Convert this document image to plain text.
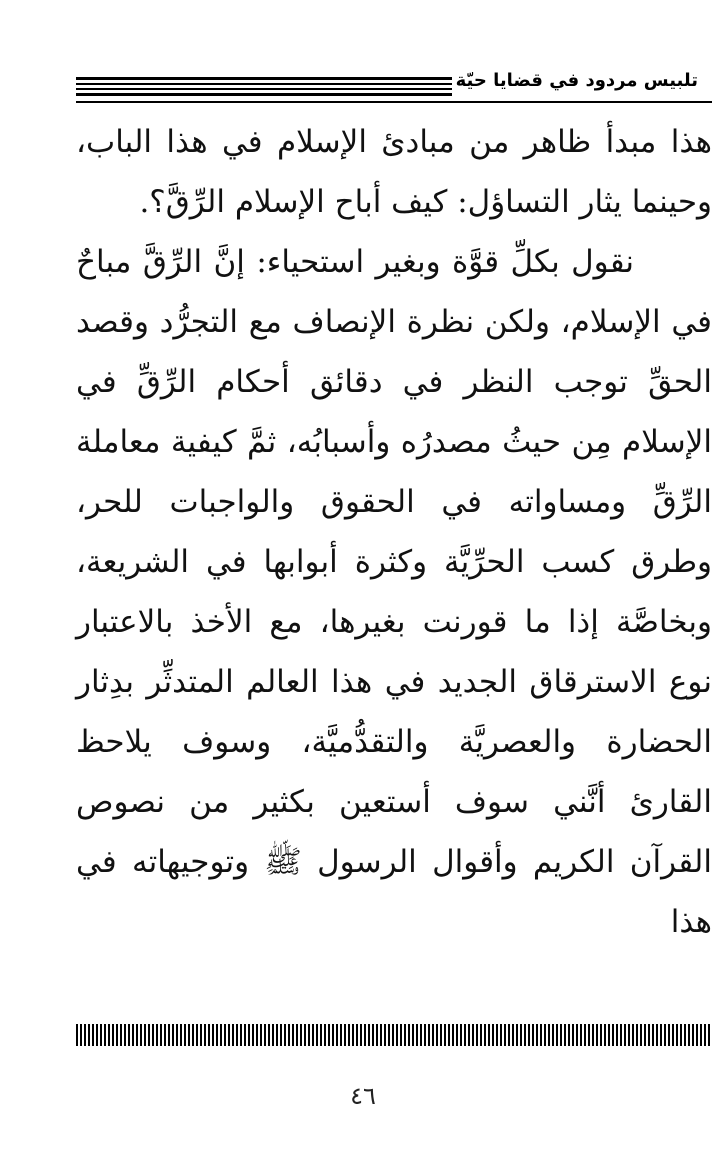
تلبيس مردود في قضايا حيّة

هذا مبدأ ظاهر من مبادئ الإسلام في هذا الباب، وحينما يثار التساؤل: كيف أباح الإسلام الرِّقَّ؟.

نقول بكلِّ قوَّة وبغير استحياء: إنَّ الرِّقَّ مباحٌ في الإسلام، ولكن نظرة الإنصاف مع التجرُّد وقصد الحقِّ توجب النظر في دقائق أحكام الرِّقِّ في الإسلام مِن حيثُ مصدرُه وأسبابُه، ثمَّ كيفية معاملة الرِّقِّ ومساواته في الحقوق والواجبات للحر، وطرق كسب الحرِّيَّة وكثرة أبوابها في الشريعة، وبخاصَّة إذا ما قورنت بغيرها، مع الأخذ بالاعتبار نوع الاسترقاق الجديد في هذا العالم المتدثِّر بدِثار الحضارة والعصريَّة والتقدُّميَّة، وسوف يلاحظ القارئ أنَّني سوف أستعين بكثير من نصوص القرآن الكريم وأقوال الرسول ﷺ وتوجيهاته في هذا

٤٦
